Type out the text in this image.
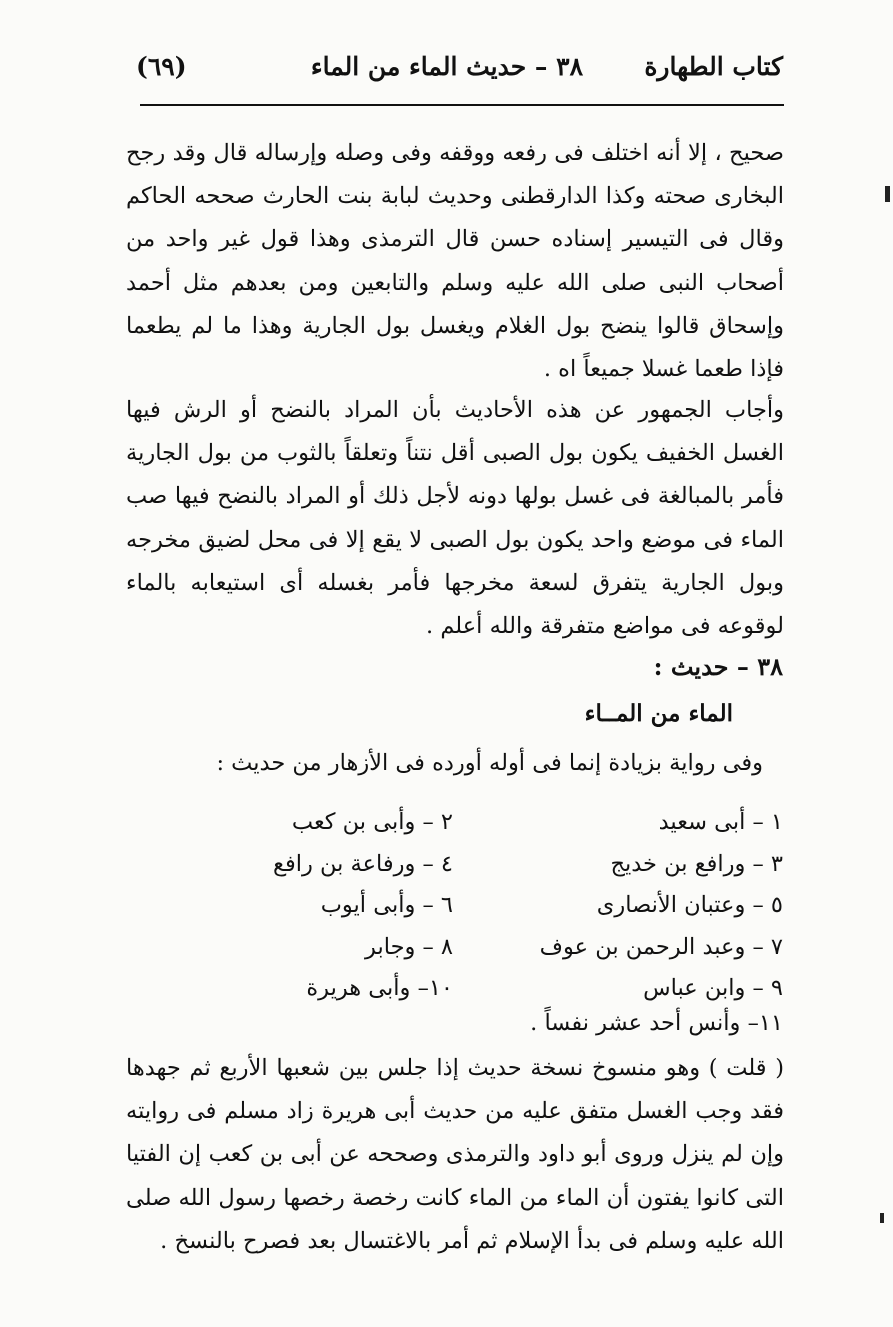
كتاب الطهارة
٣٨ – حديث الماء من الماء
(٦٩)
صحيح ، إلا أنه اختلف فى رفعه ووقفه وفى وصله وإرساله قال وقد رجح البخارى صحته وكذا الدارقطنى وحديث لبابة بنت الحارث صححه الحاكم وقال فى التيسير إسناده حسن قال الترمذى وهذا قول غير واحد من أصحاب النبى صلى الله عليه وسلم والتابعين ومن بعدهم مثل أحمد وإسحاق قالوا ينضح بول الغلام ويغسل بول الجارية وهذا ما لم يطعما فإذا طعما غسلا جميعاً اه .
وأجاب الجمهور عن هذه الأحاديث بأن المراد بالنضح أو الرش فيها الغسل الخفيف يكون بول الصبى أقل نتناً وتعلقاً بالثوب من بول الجارية فأمر بالمبالغة فى غسل بولها دونه لأجل ذلك أو المراد بالنضح فيها صب الماء فى موضع واحد يكون بول الصبى لا يقع إلا فى محل لضيق مخرجه وبول الجارية يتفرق لسعة مخرجها فأمر بغسله أى استيعابه بالماء لوقوعه فى مواضع متفرقة والله أعلم .
٣٨ – حديث :
الماء من المــاء
وفى رواية بزيادة إنما فى أوله أورده فى الأزهار من حديث :
١ – أبى سعيد
٣ – ورافع بن خديج
٥ – وعتبان الأنصارى
٧ – وعبد الرحمن بن عوف
٩ – وابن عباس
٢ – وأبى بن كعب
٤ – ورفاعة بن رافع
٦ – وأبى أيوب
٨ – وجابر
١٠– وأبى هريرة
١١– وأنس أحد عشر نفساً .
( قلت ) وهو منسوخ نسخة حديث إذا جلس بين شعبها الأربع ثم جهدها فقد وجب الغسل متفق عليه من حديث أبى هريرة زاد مسلم فى روايته وإن لم ينزل وروى أبو داود والترمذى وصححه عن أبى بن كعب إن الفتيا التى كانوا يفتون أن الماء من الماء كانت رخصة رخصها رسول الله صلى الله عليه وسلم فى بدأ الإسلام ثم أمر بالاغتسال بعد فصرح بالنسخ .
